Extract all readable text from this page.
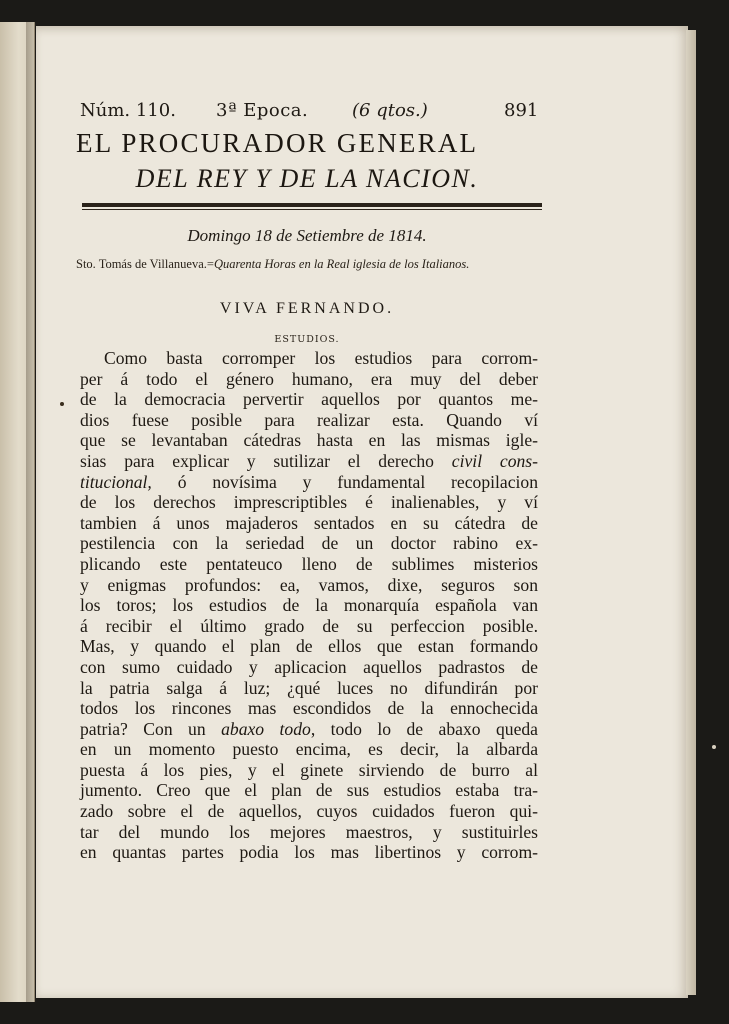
Núm. 110. 3ª Epoca. (6 qtos.)	891
EL PROCURADOR GENERAL
DEL REY Y DE LA NACION.
Domingo 18 de Setiembre de 1814.
Sto. Tomás de Villanueva.=Quarenta Horas en la Real iglesia de los Italianos.
VIVA FERNANDO.
ESTUDIOS.
Como basta corromper los estudios para corrom-
per á todo el género humano, era muy del deber
de la democracia pervertir aquellos por quantos me-
dios fuese posible para realizar esta. Quando ví
que se levantaban cátedras hasta en las mismas igle-
sias para explicar y sutilizar el derecho civil cons-
titucional, ó novísima y fundamental recopilacion
de los derechos imprescriptibles é inalienables, y ví
tambien á unos majaderos sentados en su cátedra de
pestilencia con la seriedad de un doctor rabino ex-
plicando este pentateuco lleno de sublimes misterios
y enigmas profundos: ea, vamos, dixe, seguros son
los toros; los estudios de la monarquía española van
á recibir el último grado de su perfeccion posible.
Mas, y quando el plan de ellos que estan formando
con sumo cuidado y aplicacion aquellos padrastos de
la patria salga á luz; ¿qué luces no difundirán por
todos los rincones mas escondidos de la ennochecida
patria? Con un abaxo todo, todo lo de abaxo queda
en un momento puesto encima, es decir, la albarda
puesta á los pies, y el ginete sirviendo de burro al
jumento. Creo que el plan de sus estudios estaba tra-
zado sobre el de aquellos, cuyos cuidados fueron qui-
tar del mundo los mejores maestros, y sustituirles
en quantas partes podia los mas libertinos y corrom-
